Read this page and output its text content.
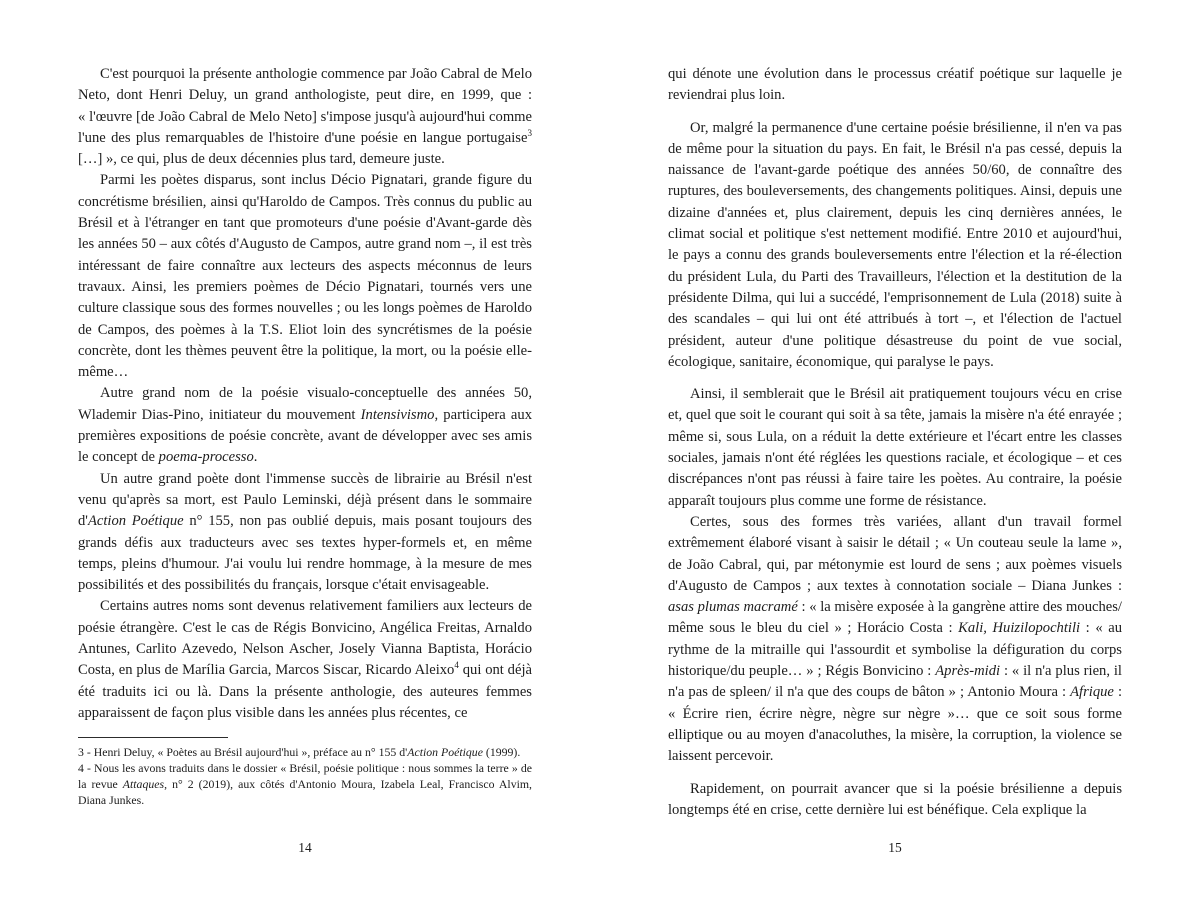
C'est pourquoi la présente anthologie commence par João Cabral de Melo Neto, dont Henri Deluy, un grand anthologiste, peut dire, en 1999, que : « l'œuvre [de João Cabral de Melo Neto] s'impose jusqu'à aujourd'hui comme l'une des plus remarquables de l'histoire d'une poésie en langue portugaise$^3$ […] », ce qui, plus de deux décennies plus tard, demeure juste.

Parmi les poètes disparus, sont inclus Décio Pignatari, grande figure du concrétisme brésilien, ainsi qu'Haroldo de Campos. Très connus du public au Brésil et à l'étranger en tant que promoteurs d'une poésie d'Avant-garde dès les années 50 – aux côtés d'Augusto de Campos, autre grand nom –, il est très intéressant de faire connaître aux lecteurs des aspects méconnus de leurs travaux. Ainsi, les premiers poèmes de Décio Pignatari, tournés vers une culture classique sous des formes nouvelles ; ou les longs poèmes de Haroldo de Campos, des poèmes à la T.S. Eliot loin des syncrétismes de la poésie concrète, dont les thèmes peuvent être la politique, la mort, ou la poésie elle-même…

Autre grand nom de la poésie visualo-conceptuelle des années 50, Wlademir Dias-Pino, initiateur du mouvement Intensivismo, participera aux premières expositions de poésie concrète, avant de développer avec ses amis le concept de poema-processo.

Un autre grand poète dont l'immense succès de librairie au Brésil n'est venu qu'après sa mort, est Paulo Leminski, déjà présent dans le sommaire d'Action Poétique n° 155, non pas oublié depuis, mais posant toujours des grands défis aux traducteurs avec ses textes hyper-formels et, en même temps, pleins d'humour. J'ai voulu lui rendre hommage, à la mesure de mes possibilités et des possibilités du français, lorsque c'était envisageable.

Certains autres noms sont devenus relativement familiers aux lecteurs de poésie étrangère. C'est le cas de Régis Bonvicino, Angélica Freitas, Arnaldo Antunes, Carlito Azevedo, Nelson Ascher, Josely Vianna Baptista, Horácio Costa, en plus de Marília Garcia, Marcos Siscar, Ricardo Aleixo$^4$ qui ont déjà été traduits ici ou là. Dans la présente anthologie, des auteures femmes apparaissent de façon plus visible dans les années plus récentes, ce

3 - Henri Deluy, « Poètes au Brésil aujourd'hui », préface au n° 155 d'Action Poétique (1999).

4 - Nous les avons traduits dans le dossier « Brésil, poésie politique : nous sommes la terre » de la revue Attaques, n° 2 (2019), aux côtés d'Antonio Moura, Izabela Leal, Francisco Alvim, Diana Junkes.

14

qui dénote une évolution dans le processus créatif poétique sur laquelle je reviendrai plus loin.

Or, malgré la permanence d'une certaine poésie brésilienne, il n'en va pas de même pour la situation du pays. En fait, le Brésil n'a pas cessé, depuis la naissance de l'avant-garde poétique des années 50/60, de connaître des ruptures, des bouleversements, des changements politiques. Ainsi, depuis une dizaine d'années et, plus clairement, depuis les cinq dernières années, le climat social et politique s'est nettement modifié. Entre 2010 et aujourd'hui, le pays a connu des grands bouleversements entre l'élection et la ré-élection du président Lula, du Parti des Travailleurs, l'élection et la destitution de la présidente Dilma, qui lui a succédé, l'emprisonnement de Lula (2018) suite à des scandales – qui lui ont été attribués à tort –, et l'élection de l'actuel président, auteur d'une politique désastreuse du point de vue social, écologique, sanitaire, économique, qui paralyse le pays.

Ainsi, il semblerait que le Brésil ait pratiquement toujours vécu en crise et, quel que soit le courant qui soit à sa tête, jamais la misère n'a été enrayée ; même si, sous Lula, on a réduit la dette extérieure et l'écart entre les classes sociales, jamais n'ont été réglées les questions raciale, et écologique – et ces discrépances n'ont pas réussi à faire taire les poètes. Au contraire, la poésie apparaît toujours plus comme une forme de résistance.

Certes, sous des formes très variées, allant d'un travail formel extrêmement élaboré visant à saisir le détail ; « Un couteau seule la lame », de João Cabral, qui, par métonymie est lourd de sens ; aux poèmes visuels d'Augusto de Campos ; aux textes à connotation sociale – Diana Junkes : asas plumas macramé : « la misère exposée à la gangrène attire des mouches/ même sous le bleu du ciel » ; Horácio Costa : Kali, Huizilopochtili : « au rythme de la mitraille qui l'assourdit et symbolise la défiguration du corps historique/du peuple… » ; Régis Bonvicino : Après-midi : « il n'a plus rien, il n'a pas de spleen/ il n'a que des coups de bâton » ; Antonio Moura : Afrique : « Écrire rien, écrire nègre, nègre sur nègre »… que ce soit sous forme elliptique ou au moyen d'anacoluthes, la misère, la corruption, la violence se laissent percevoir.

Rapidement, on pourrait avancer que si la poésie brésilienne a depuis longtemps été en crise, cette dernière lui est bénéfique. Cela explique la

15
